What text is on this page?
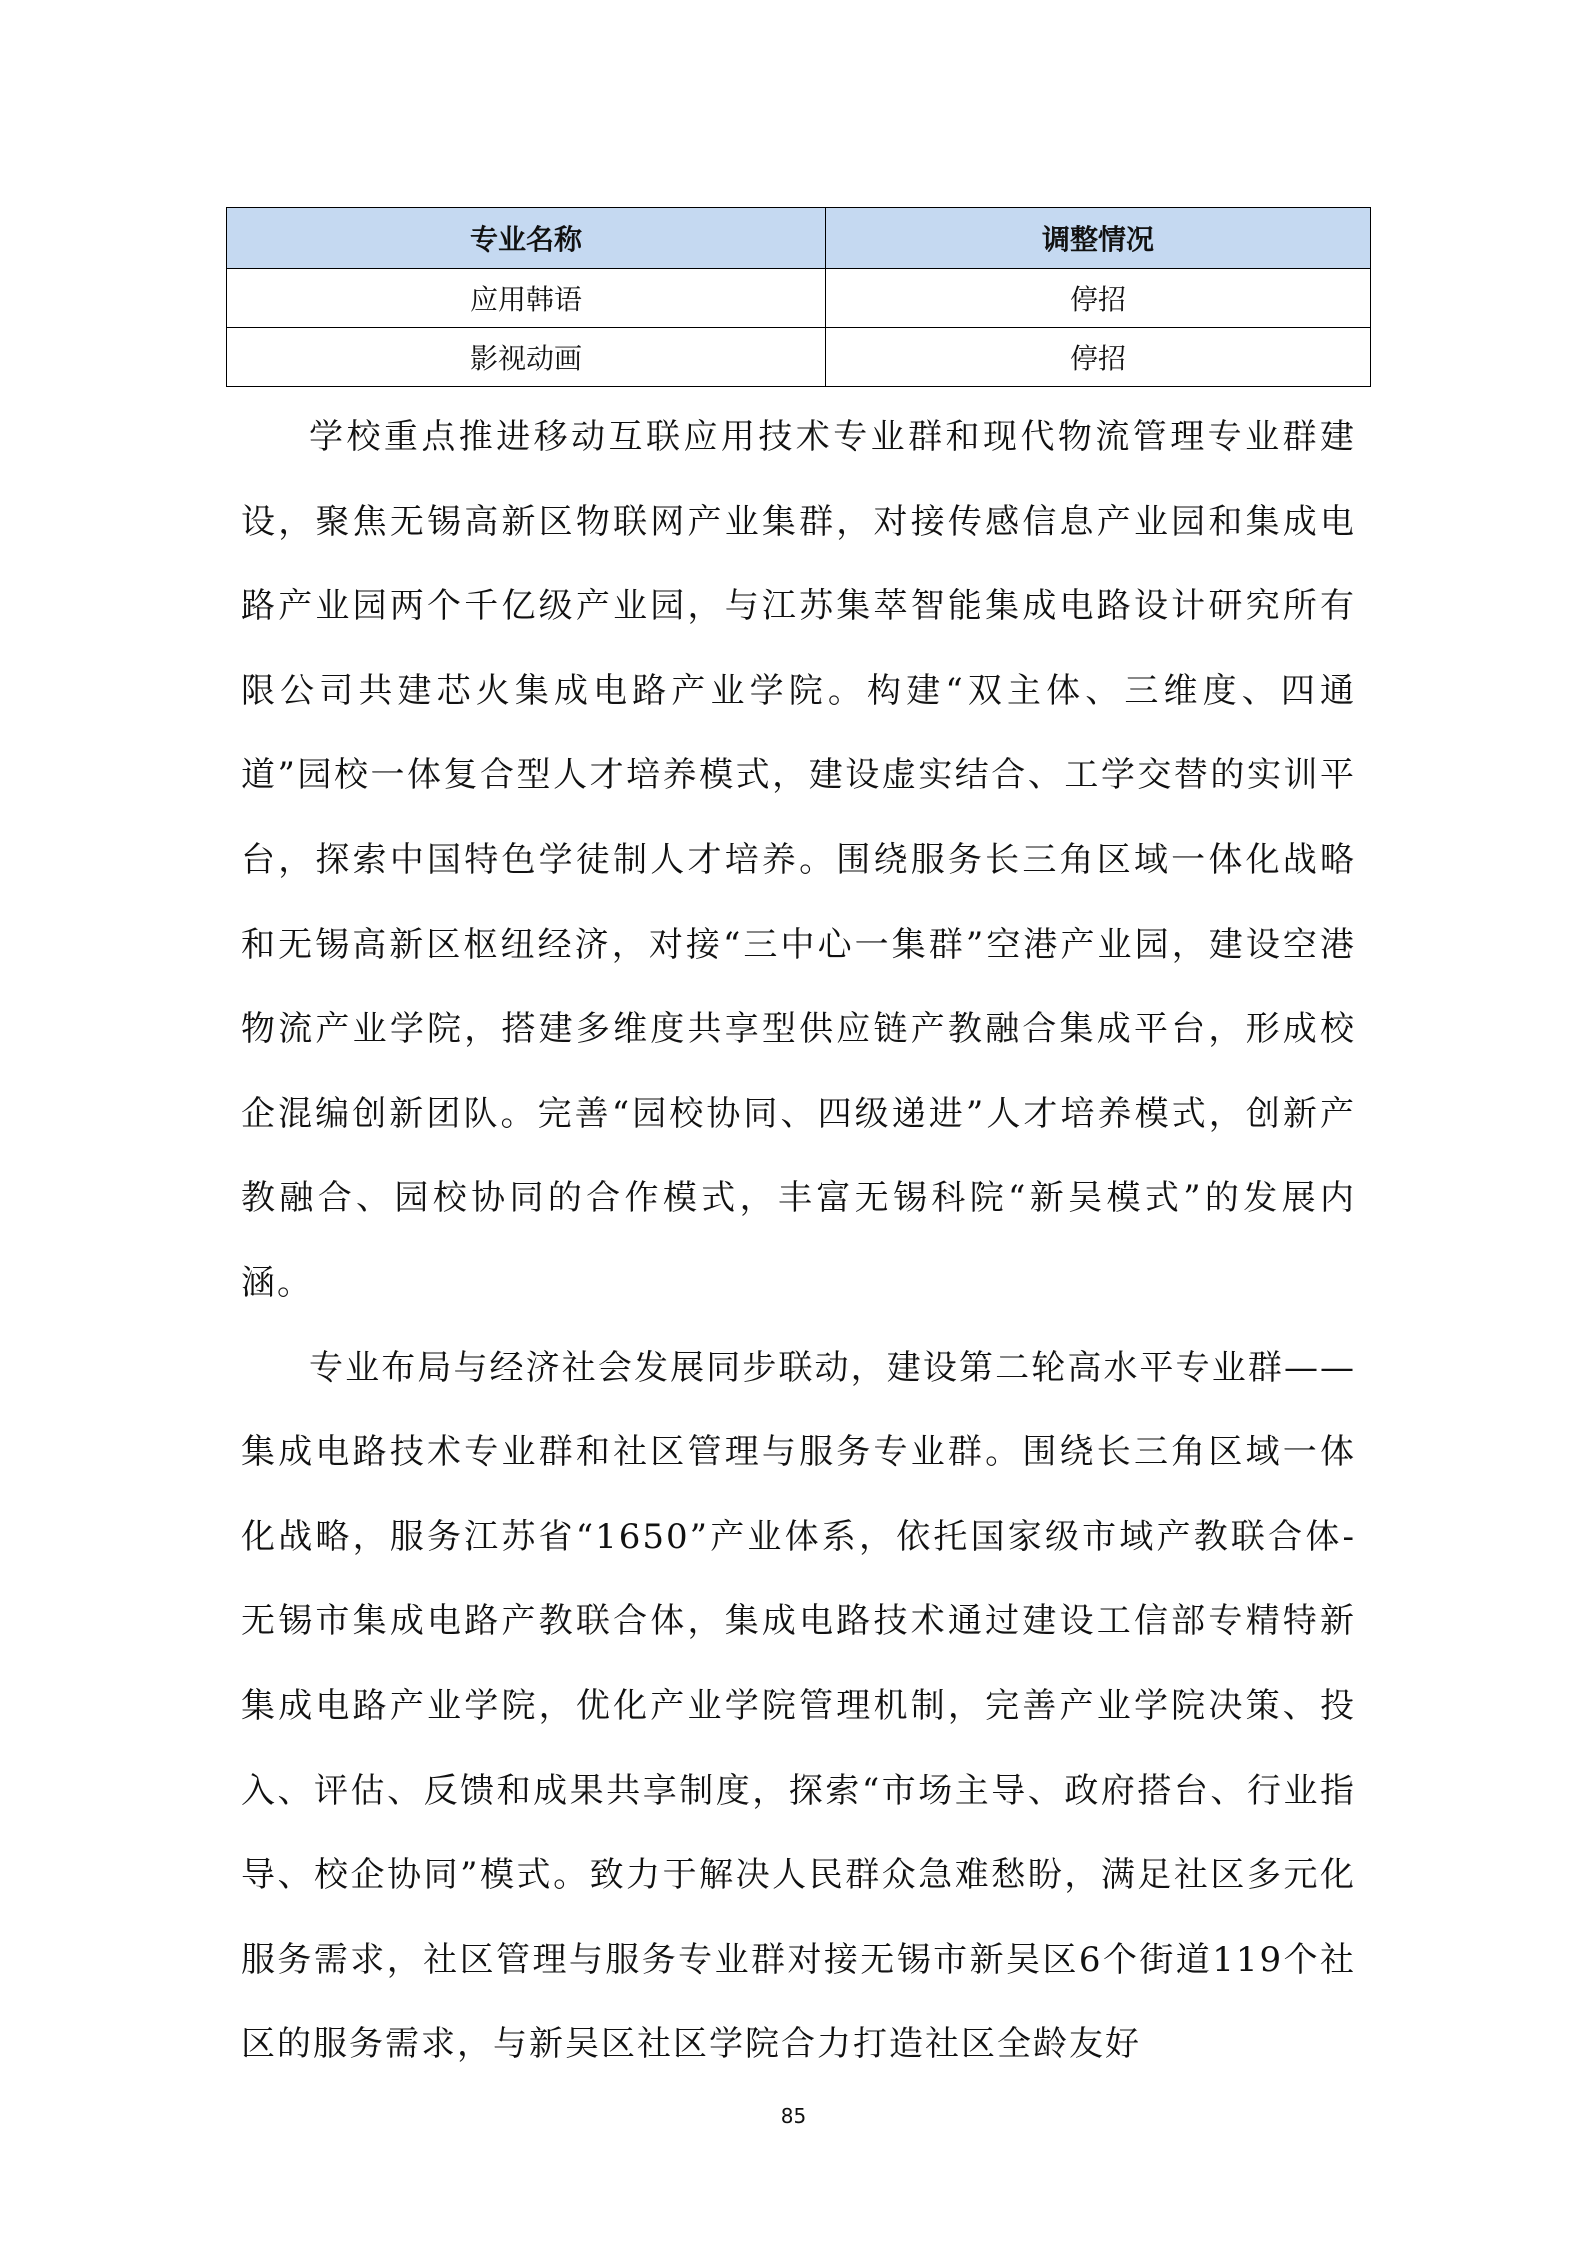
专业名称	调整情况
应用韩语	停招
影视动画	停招

学校重点推进移动互联应用技术专业群和现代物流管理专业群建设，聚焦无锡高新区物联网产业集群，对接传感信息产业园和集成电路产业园两个千亿级产业园，与江苏集萃智能集成电路设计研究所有限公司共建芯火集成电路产业学院。构建“双主体、三维度、四通道”园校一体复合型人才培养模式，建设虚实结合、工学交替的实训平台，探索中国特色学徒制人才培养。围绕服务长三角区域一体化战略和无锡高新区枢纽经济，对接“三中心一集群”空港产业园，建设空港物流产业学院，搭建多维度共享型供应链产教融合集成平台，形成校企混编创新团队。完善“园校协同、四级递进”人才培养模式，创新产教融合、园校协同的合作模式，丰富无锡科院“新吴模式”的发展内涵。

专业布局与经济社会发展同步联动，建设第二轮高水平专业群——集成电路技术专业群和社区管理与服务专业群。围绕长三角区域一体化战略，服务江苏省“1650”产业体系，依托国家级市域产教联合体-无锡市集成电路产教联合体，集成电路技术通过建设工信部专精特新集成电路产业学院，优化产业学院管理机制，完善产业学院决策、投入、评估、反馈和成果共享制度，探索“市场主导、政府搭台、行业指导、校企协同”模式。致力于解决人民群众急难愁盼，满足社区多元化服务需求，社区管理与服务专业群对接无锡市新吴区6个街道119个社区的服务需求，与新吴区社区学院合力打造社区全龄友好

85
